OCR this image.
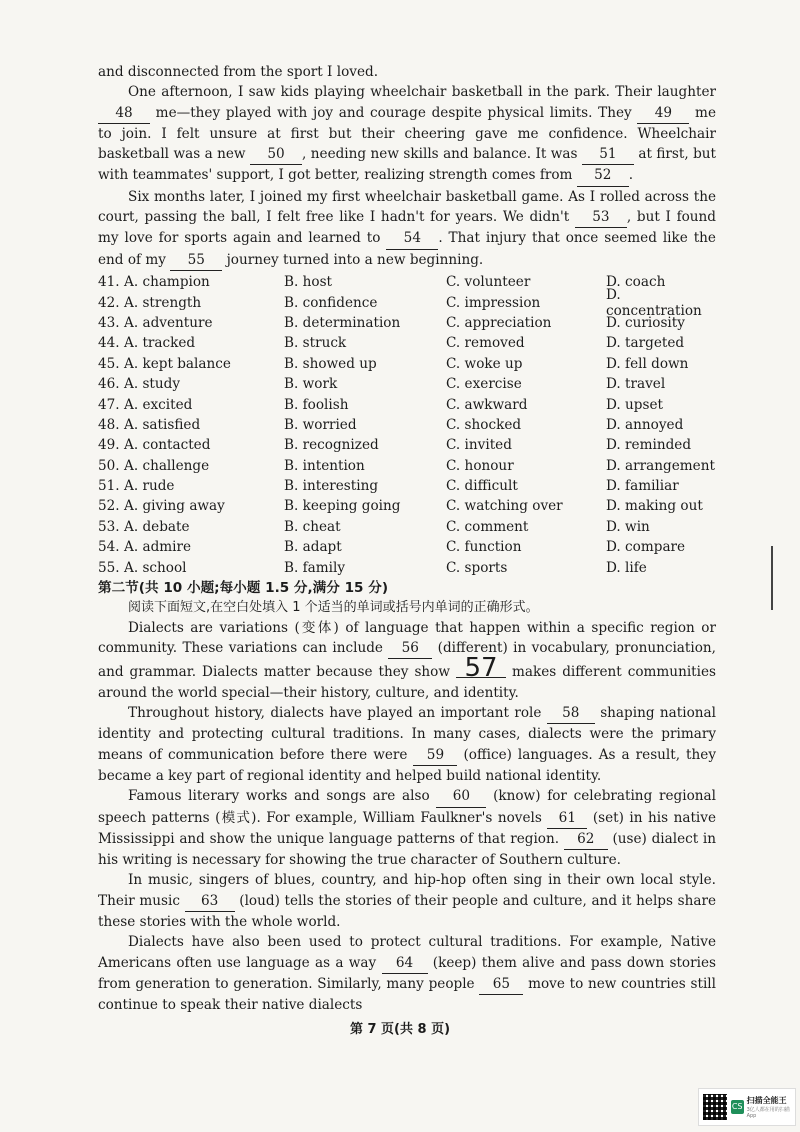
and disconnected from the sport I loved.

One afternoon, I saw kids playing wheelchair basketball in the park. Their laughter 48 me—they played with joy and courage despite physical limits. They 49 me to join. I felt unsure at first but their cheering gave me confidence. Wheelchair basketball was a new 50 , needing new skills and balance. It was 51 at first, but with teammates' support, I got better, realizing strength comes from 52 .

Six months later, I joined my first wheelchair basketball game. As I rolled across the court, passing the ball, I felt free like I hadn't for years. We didn't 53 , but I found my love for sports again and learned to 54 . That injury that once seemed like the end of my 55 journey turned into a new beginning.

41. A. champion	B. host	C. volunteer	D. coach
42. A. strength	B. confidence	C. impression	D. concentration
43. A. adventure	B. determination	C. appreciation	D. curiosity
44. A. tracked	B. struck	C. removed	D. targeted
45. A. kept balance	B. showed up	C. woke up	D. fell down
46. A. study	B. work	C. exercise	D. travel
47. A. excited	B. foolish	C. awkward	D. upset
48. A. satisfied	B. worried	C. shocked	D. annoyed
49. A. contacted	B. recognized	C. invited	D. reminded
50. A. challenge	B. intention	C. honour	D. arrangement
51. A. rude	B. interesting	C. difficult	D. familiar
52. A. giving away	B. keeping going	C. watching over	D. making out
53. A. debate	B. cheat	C. comment	D. win
54. A. admire	B. adapt	C. function	D. compare
55. A. school	B. family	C. sports	D. life
第二节(共 10 小题;每小题 1.5 分,满分 15 分)

阅读下面短文,在空白处填入 1 个适当的单词或括号内单词的正确形式。

Dialects are variations (变体) of language that happen within a specific region or community. These variations can include 56 (different) in vocabulary, pronunciation, and grammar. Dialects matter because they show 57 makes different communities around the world special—their history, culture, and identity.

Throughout history, dialects have played an important role 58 shaping national identity and protecting cultural traditions. In many cases, dialects were the primary means of communication before there were 59 (office) languages. As a result, they became a key part of regional identity and helped build national identity.

Famous literary works and songs are also 60 (know) for celebrating regional speech patterns (模式). For example, William Faulkner's novels 61 (set) in his native Mississippi and show the unique language patterns of that region. 62 (use) dialect in his writing is necessary for showing the true character of Southern culture.

In music, singers of blues, country, and hip-hop often sing in their own local style. Their music 63 (loud) tells the stories of their people and culture, and it helps share these stories with the whole world.

Dialects have also been used to protect cultural traditions. For example, Native Americans often use language as a way 64 (keep) them alive and pass down stories from generation to generation. Similarly, many people 65 move to new countries still continue to speak their native dialects

第 7 页(共 8 页)
CS
扫描全能王
3亿人都在用的扫描App
